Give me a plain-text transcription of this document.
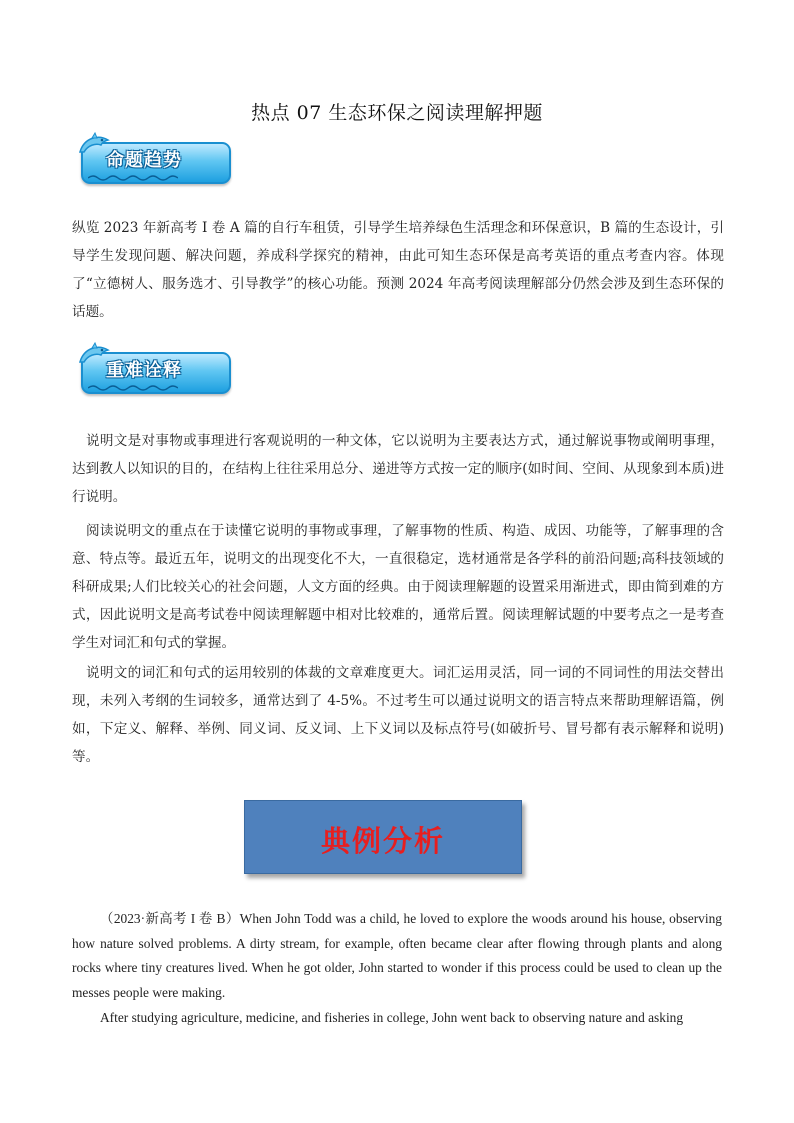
热点 07 生态环保之阅读理解押题
命题趋势

纵览 2023 年新高考 I 卷 A 篇的自行车租赁，引导学生培养绿色生活理念和环保意识，B 篇的生态设计，引导学生发现问题、解决问题，养成科学探究的精神，由此可知生态环保是高考英语的重点考查内容。体现了“立德树人、服务选才、引导教学”的核心功能。预测 2024 年高考阅读理解部分仍然会涉及到生态环保的话题。

重难诠释

说明文是对事物或事理进行客观说明的一种文体，它以说明为主要表达方式，通过解说事物或阐明事理，达到教人以知识的目的，在结构上往往采用总分、递进等方式按一定的顺序(如时间、空间、从现象到本质)进行说明。

阅读说明文的重点在于读懂它说明的事物或事理，了解事物的性质、构造、成因、功能等，了解事理的含意、特点等。最近五年，说明文的出现变化不大，一直很稳定，选材通常是各学科的前沿问题;高科技领域的科研成果;人们比较关心的社会问题，人文方面的经典。由于阅读理解题的设置采用渐进式，即由简到难的方式，因此说明文是高考试卷中阅读理解题中相对比较难的，通常后置。阅读理解试题的中要考点之一是考查学生对词汇和句式的掌握。

说明文的词汇和句式的运用较别的体裁的文章难度更大。词汇运用灵活，同一词的不同词性的用法交替出现，未列入考纲的生词较多，通常达到了 4-5%。不过考生可以通过说明文的语言特点来帮助理解语篇，例如，下定义、解释、举例、同义词、反义词、上下义词以及标点符号(如破折号、冒号都有表示解释和说明)等。

典例分析

（2023·新高考 I 卷 B）When John Todd was a child, he loved to explore the woods around his house, observing how nature solved problems. A dirty stream, for example, often became clear after flowing through plants and along rocks where tiny creatures lived. When he got older, John started to wonder if this process could be used to clean up the messes people were making.

After studying agriculture, medicine, and fisheries in college, John went back to observing nature and asking
